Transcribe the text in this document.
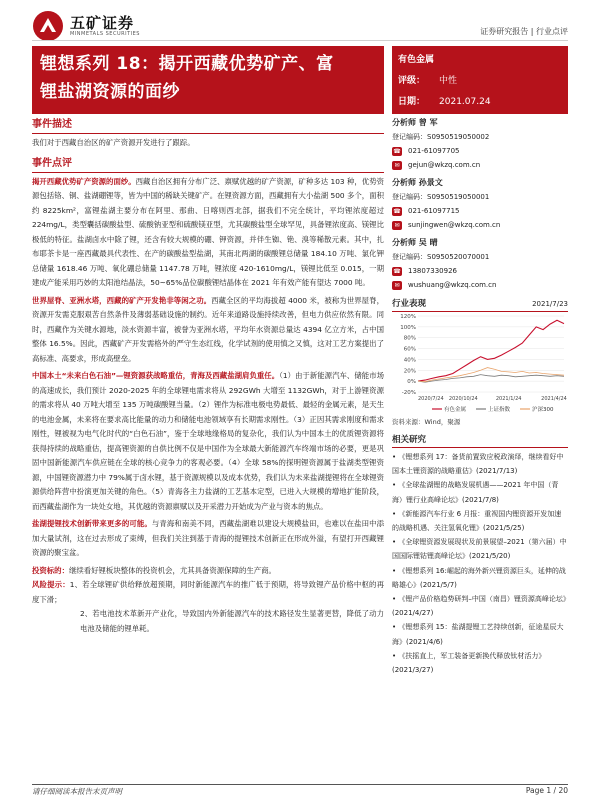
五矿证券
MINMETALS SECURITIES	证券研究报告 | 行业点评
锂想系列 18：揭开西藏优势矿产、富
锂盐湖资源的面纱
有色金属
评级： 中性
日期： 2021.07.24
事件描述

我们对于西藏自治区的矿产资源开发进行了跟踪。

事件点评

揭开西藏优势矿产资源的面纱。西藏自治区拥有分布广泛、禀赋优越的矿产资源，矿种多达 103 种，优势资源包括铬、铜、盐湖硼锂等，皆为中国的稀缺关键矿产。在锂资源方面，西藏拥有大小盐湖 500 多个，面积约 8225km²，富锂盐湖主要分布在阿里、那曲、日喀则西北部，据我们不完全统计，平均锂浓度超过 224mg/L，类型囊括碳酸盐型、硫酸钠亚型和硫酸镁亚型，尤其碳酸盐型全球罕见，具备锂浓度高、镁锂比极低的特征。盐湖卤水中除了锂，还含有较大规模的硼、钾资源，并伴生铷、铯、溴等稀散元素。其中，扎布耶茶卡是一座西藏最具代表性、在产的碳酸盐型盐湖，其南北两湖的碳酸锂总储量 184.10 万吨、氯化钾总储量 1618.46 万吨、氧化硼总储量 1147.78 万吨，锂浓度 420-1610mg/L，镁锂比低至 0.015，一期建成产能采用巧妙的太阳池结晶法，50~65%品位碳酸锂结晶体在 2021 年有效产能有望达 7000 吨。

世界屋脊、亚洲水塔，西藏的矿产开发艳非等闲之功。西藏全区的平均海拔超 4000 米，被称为世界屋脊，资源开发需克服艰苦自然条件及薄弱基础设施的制约。近年来道路设施持续改善，但电力供应依然有限。同时，西藏作为关键水源地，淡水资源丰富，被誉为亚洲水塔，平均年水资源总量达 4394 亿立方米，占中国整体 16.5%。因此，西藏矿产开发需格外的严守生态红线，化学试剂的使用慎之又慎，这对工艺方案提出了高标准、高要求，形成高壁垒。

中国本土“未来白色石油”—锂资源获战略重估，青海及西藏盐湖肩负重任。（1）由于新能源汽车、储能市场的高速成长，我们预计 2020-2025 年的全球锂电需求将从 292GWh 大增至 1132GWh，对于上游锂资源的需求将从 40 万吨大增至 135 万吨碳酸锂当量。（2）锂作为标准电极电势最低、最轻的金属元素，是天生的电池金属，未来将在要求高比能量的动力和储能电池领域享有长期需求刚性。（3）正因其需求刚度和需求刚性，锂被视为电气化时代的“白色石油”，鉴于全球地缘格局的复杂化，我们认为中国本土的优质锂资源将获得持续的战略重估，提高锂资源的自供比例不仅是中国作为全球最大新能源汽车终端市场的必要，更是巩固中国新能源汽车供应链在全球的核心竞争力的客观必要。（4）全球 58%的探明锂资源属于盐湖类型锂资源，中国锂资源潜力中 79%属于卤水锂，基于资源规模以及成本优势，我们认为未来盐湖提锂将在全球锂资源供给阵营中扮演更加关键的角色。（5）青海各主力盐湖的工艺基本定型，已进入大规模的增地扩能阶段，而西藏盐湖作为一块处女地，其优越的资源禀赋以及开采潜力开始成为产业与资本的焦点。

盐湖提锂技术创新带来更多的可能。与青海和南美不同，西藏盐湖难以建设大规模盐田，也难以在盐田中添加大量试剂，这在过去形成了束缚，但我们关注到基于青海的提锂技术创新正在形成外溢，有望打开西藏锂资源的聚宝盆。

投资标的：继续看好锂板块整体的投资机会，尤其具备资源保障的生产商。

风险提示：1、若全球锂矿供给释放超预期，同时新能源汽车的推广低于预期，将导致锂产品价格中枢的再度下滑；

2、若电池技术革新开产业化，导致国内外新能源汽车的技术路径发生显著更替，降低了动力电池及储能的锂单耗。

分析师 曾 军
登记编码：S0950519050002
☎ 021-61097705
✉	gejun@wkzq.com.cn
分析师 孙景文
登记编码：S0950519050001
☎ 021-61097715
✉	sunjingwen@wkzq.com.cn
分析师 吴 晴
登记编码：S0950520070001
☎ 13807330926
✉	wushuang@wkzq.com.cn
行业表现	2021/7/23
120%
100%
80%
60%
40%
20%
0%
-20%
2020/7/24 2020/10/24	2021/1/24	2021/4/24
有色金属	上证指数	沪深300
资料来源：Wind，聚源
相关研究
• 《锂想系列 17：备货前置致应税政演绎，继续看好中国本土锂资源的战略重估》(2021/7/13)
• 《全球盐湖锂的战略发展机遇——2021 年中国（青海）锂行业高峰论坛》(2021/7/8)
• 《新能源汽车行业 6 月报：重视国内锂资源开发加速的战略机遇、关注氢氧化锂》(2021/5/25)
• 《全球锂资源发展现状及前景展望–2021（第六届）中国国际锂钴锂高峰论坛》(2021/5/20)
• 《锂想系列 16:崛起的海外新兴锂资源巨头，延伸的战略雄心》(2021/5/7)
• 《锂产品价格趋势研判–中国（南昌）锂资源高峰论坛》(2021/4/27)
• 《锂想系列 15：盐湖提锂工艺持续创新，征途星辰大海》(2021/4/6)
• 《扶摇直上，军工装备更新换代释放钛材活力》(2021/3/27)
请仔细阅读本报告末页声明	Page 1 / 20
